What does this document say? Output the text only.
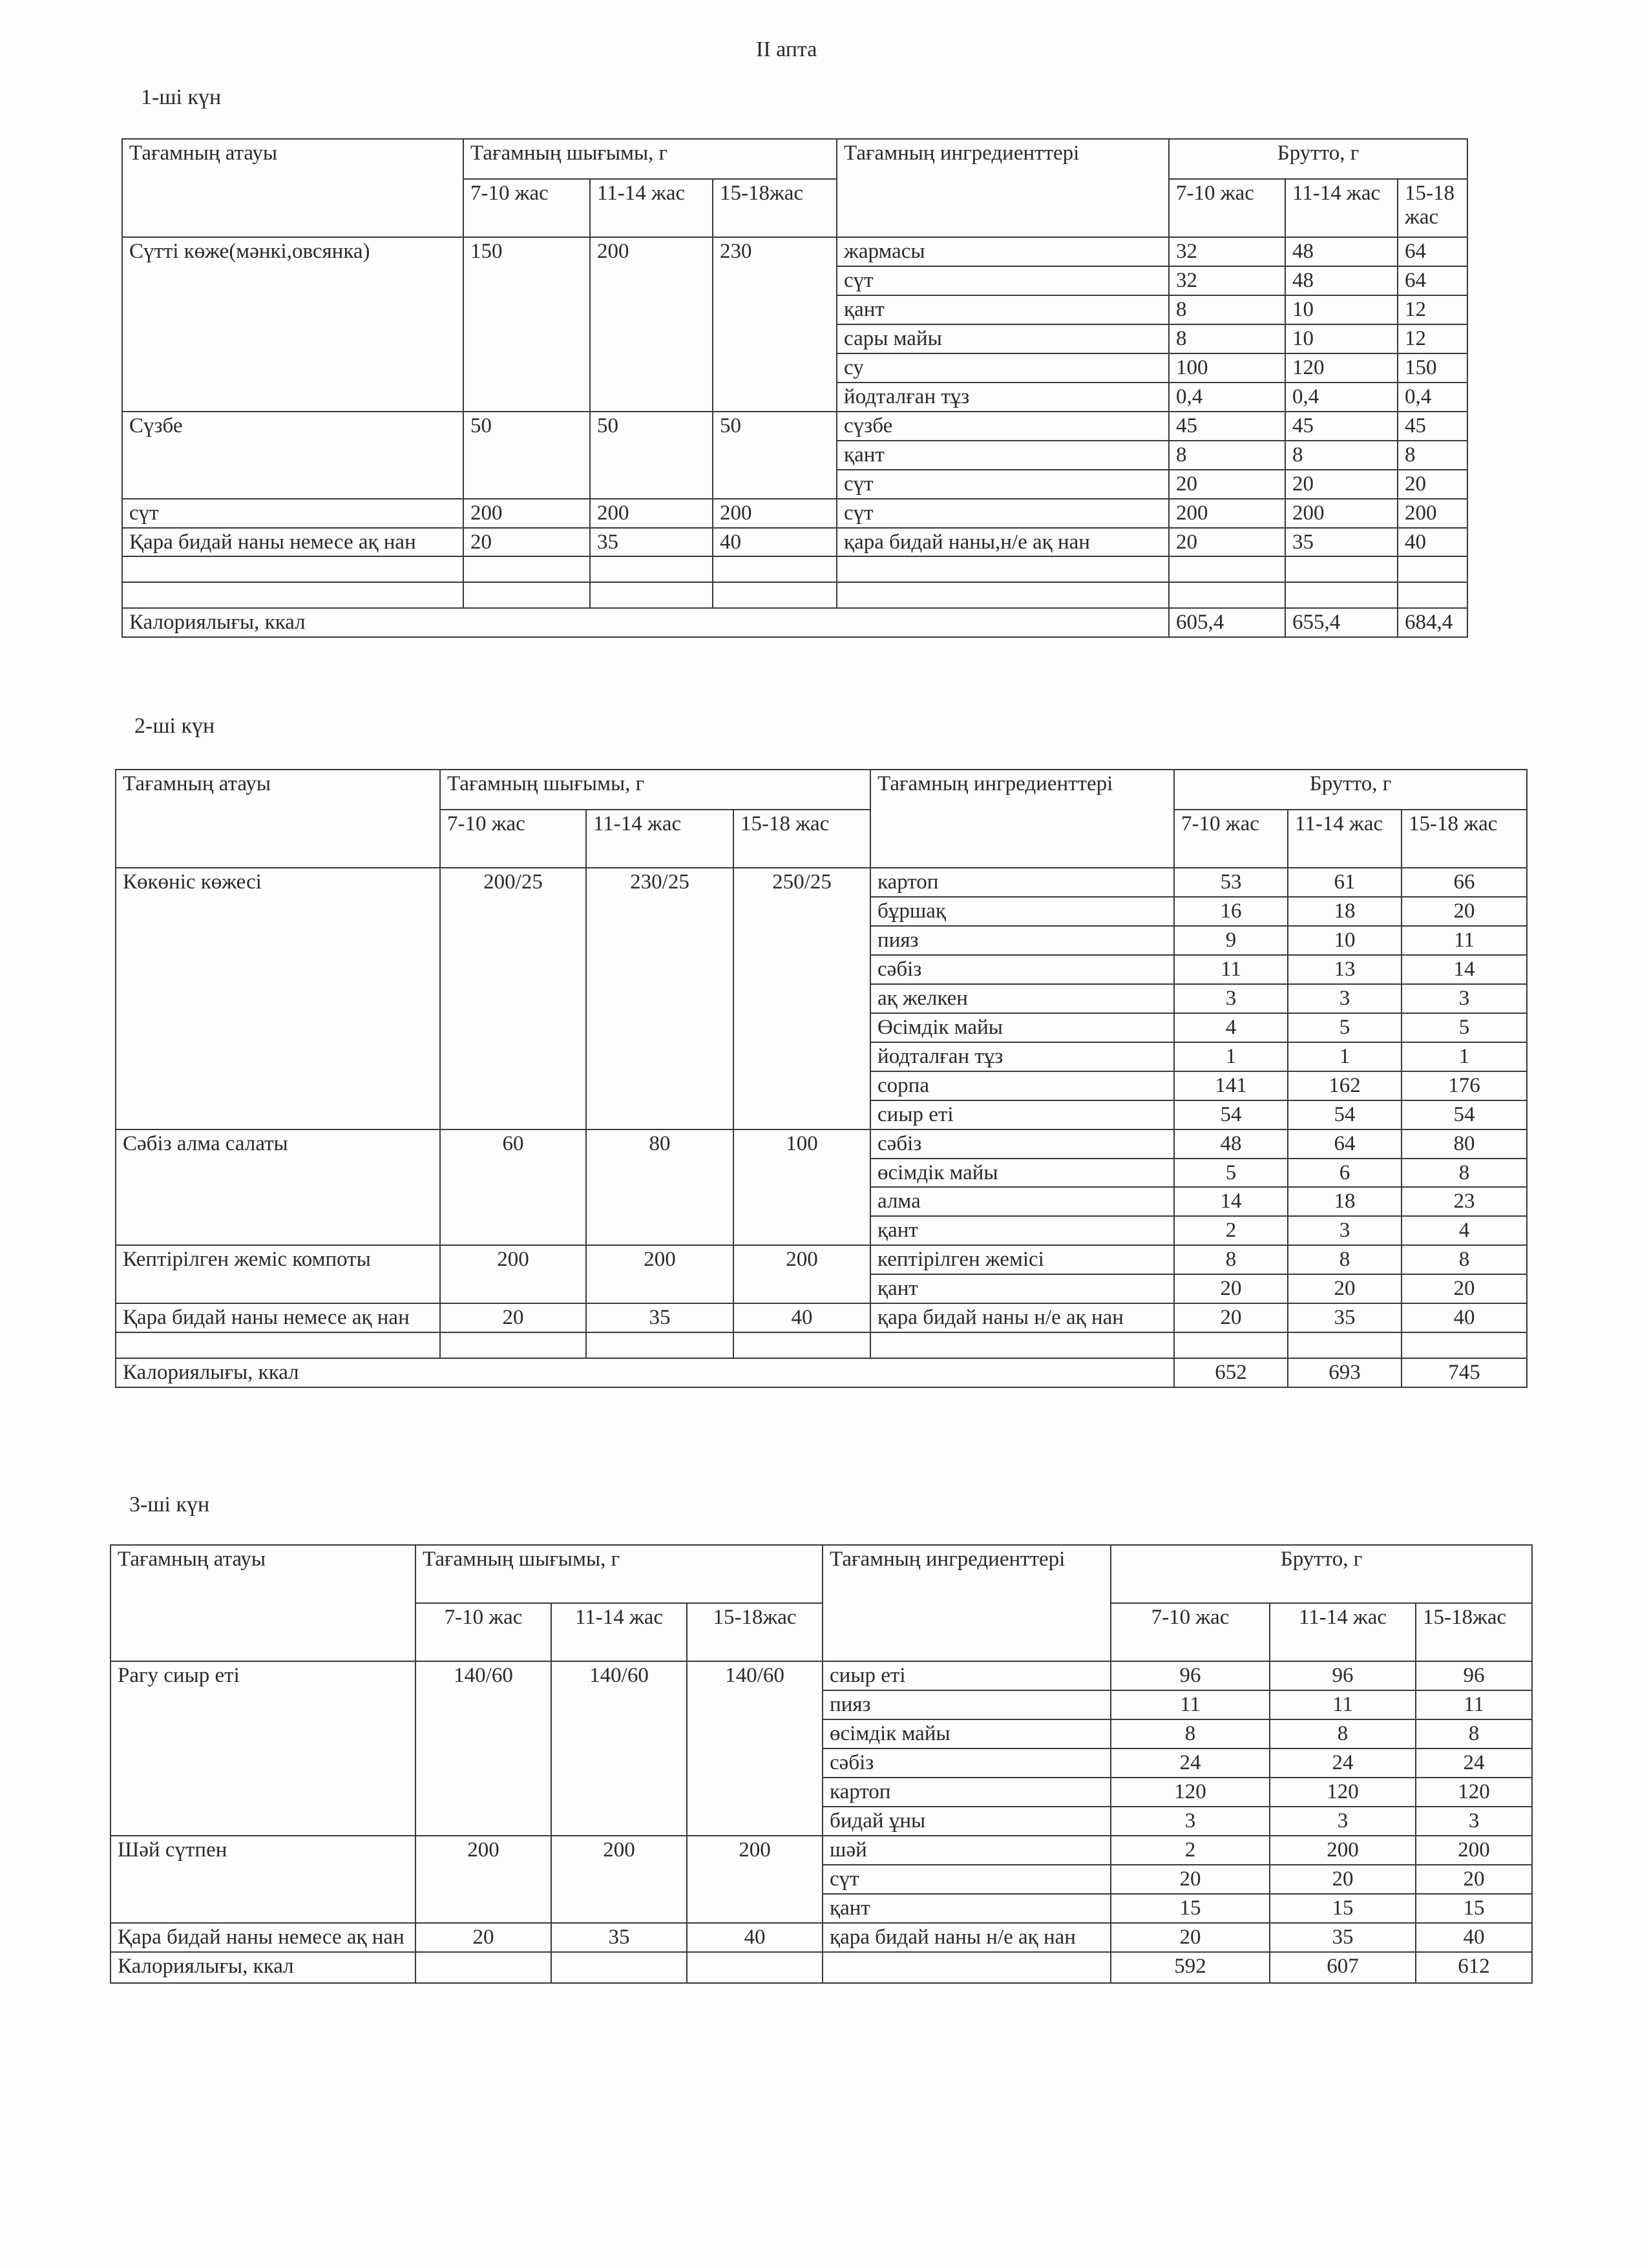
II апта
1-ші күн
Тағамның атауы	Тағамның шығымы, г			Тағамның ингредиенттері	Брутто, г		
	7-10 жас	11-14 жас	15-18жас		7-10 жас	11-14 жас	15-18 жас
Сүтті көже(мәнкі,овсянка)	150	200	230	жармасы	32	48	64
				сүт	32	48	64
				қант	8	10	12
				сары майы	8	10	12
				су	100	120	150
				йодталған тұз	0,4	0,4	0,4
Сүзбе	50	50	50	сүзбе	45	45	45
				қант	8	8	8
				сүт	20	20	20
сүт	200	200	200	сүт	200	200	200
Қара бидай наны немесе ақ нан	20	35	40	қара бидай наны,н/е ақ нан	20	35	40

Калориялығы, ккал					605,4	655,4	684,4
2-ші күн
Тағамның атауы	Тағамның шығымы, г			Тағамның ингредиенттері	Брутто, г		
	7-10 жас	11-14 жас	15-18 жас		7-10 жас	11-14 жас	15-18 жас
Көкөніс көжесі	200/25	230/25	250/25	картоп	53	61	66
				бұршақ	16	18	20
				пияз	9	10	11
				сәбіз	11	13	14
				ақ желкен	3	3	3
				Өсімдік майы	4	5	5
				йодталған тұз	1	1	1
				сорпа	141	162	176
				сиыр еті	54	54	54
Сәбіз алма салаты	60	80	100	сәбіз	48	64	80
				өсімдік майы	5	6	8
				алма	14	18	23
				қант	2	3	4
Кептірілген жеміс компоты	200	200	200	кептірілген жемісі	8	8	8
				қант	20	20	20
Қара бидай наны немесе ақ нан	20	35	40	қара бидай наны н/е ақ нан	20	35	40

Калориялығы, ккал					652	693	745
3-ші күн
Тағамның атауы	Тағамның шығымы, г			Тағамның ингредиенттері	Брутто, г		
	7-10 жас	11-14 жас	15-18жас		7-10 жас	11-14 жас	15-18жас
Рагу сиыр еті	140/60	140/60	140/60	сиыр еті	96	96	96
				пияз	11	11	11
				өсімдік майы	8	8	8
				сәбіз	24	24	24
				картоп	120	120	120
				бидай ұны	3	3	3
Шәй сүтпен	200	200	200	шәй	2	200	200
				сүт	20	20	20
				қант	15	15	15
Қара бидай наны немесе ақ нан	20	35	40	қара бидай наны н/е ақ нан	20	35	40
Калориялығы, ккал					592	607	612
